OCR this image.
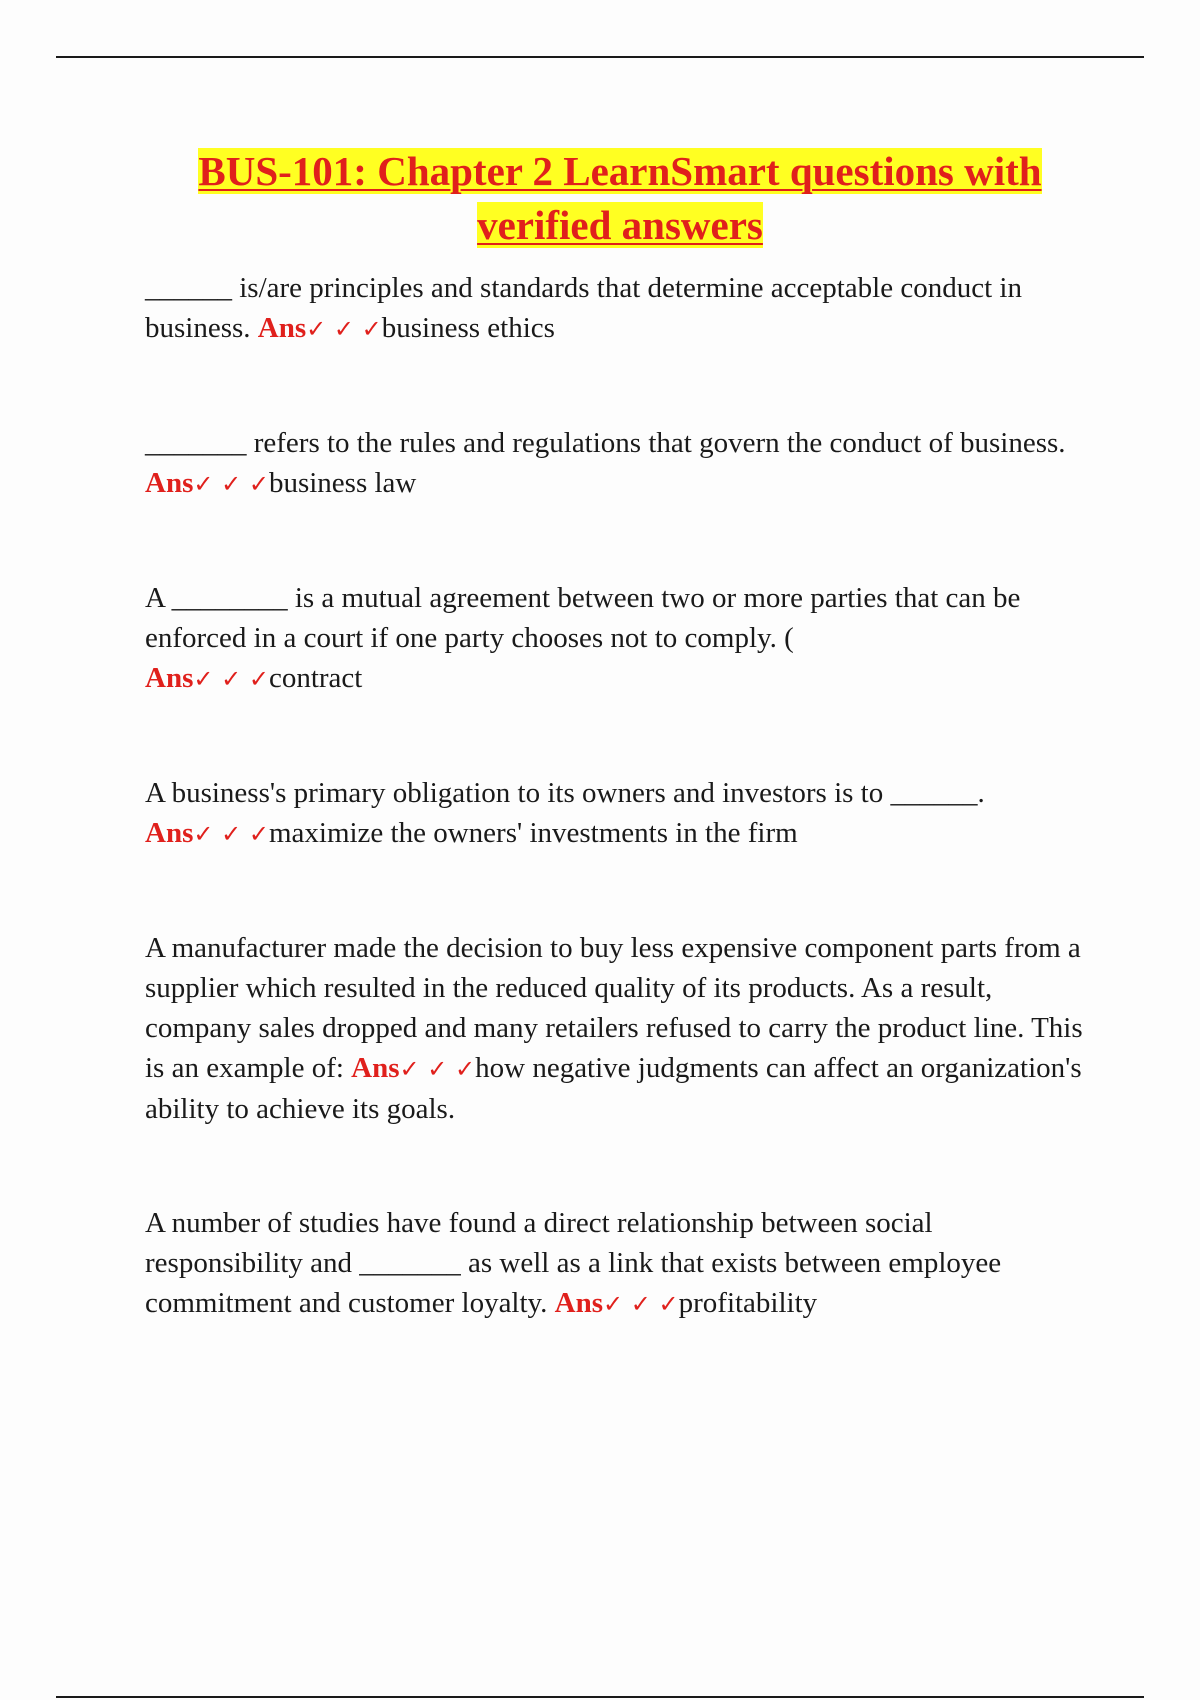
BUS-101: Chapter 2 LearnSmart questions with verified answers

______ is/are principles and standards that determine acceptable conduct in business. Ans✓ ✓ ✓business ethics

_______ refers to the rules and regulations that govern the conduct of business. Ans✓ ✓ ✓business law

A ________ is a mutual agreement between two or more parties that can be enforced in a court if one party chooses not to comply. (
Ans✓ ✓ ✓contract

A business's primary obligation to its owners and investors is to ______.
Ans✓ ✓ ✓maximize the owners' investments in the firm

A manufacturer made the decision to buy less expensive component parts from a supplier which resulted in the reduced quality of its products. As a result, company sales dropped and many retailers refused to carry the product line. This is an example of: Ans✓ ✓ ✓how negative judgments can affect an organization's ability to achieve its goals.

A number of studies have found a direct relationship between social responsibility and _______ as well as a link that exists between employee commitment and customer loyalty. Ans✓ ✓ ✓profitability
